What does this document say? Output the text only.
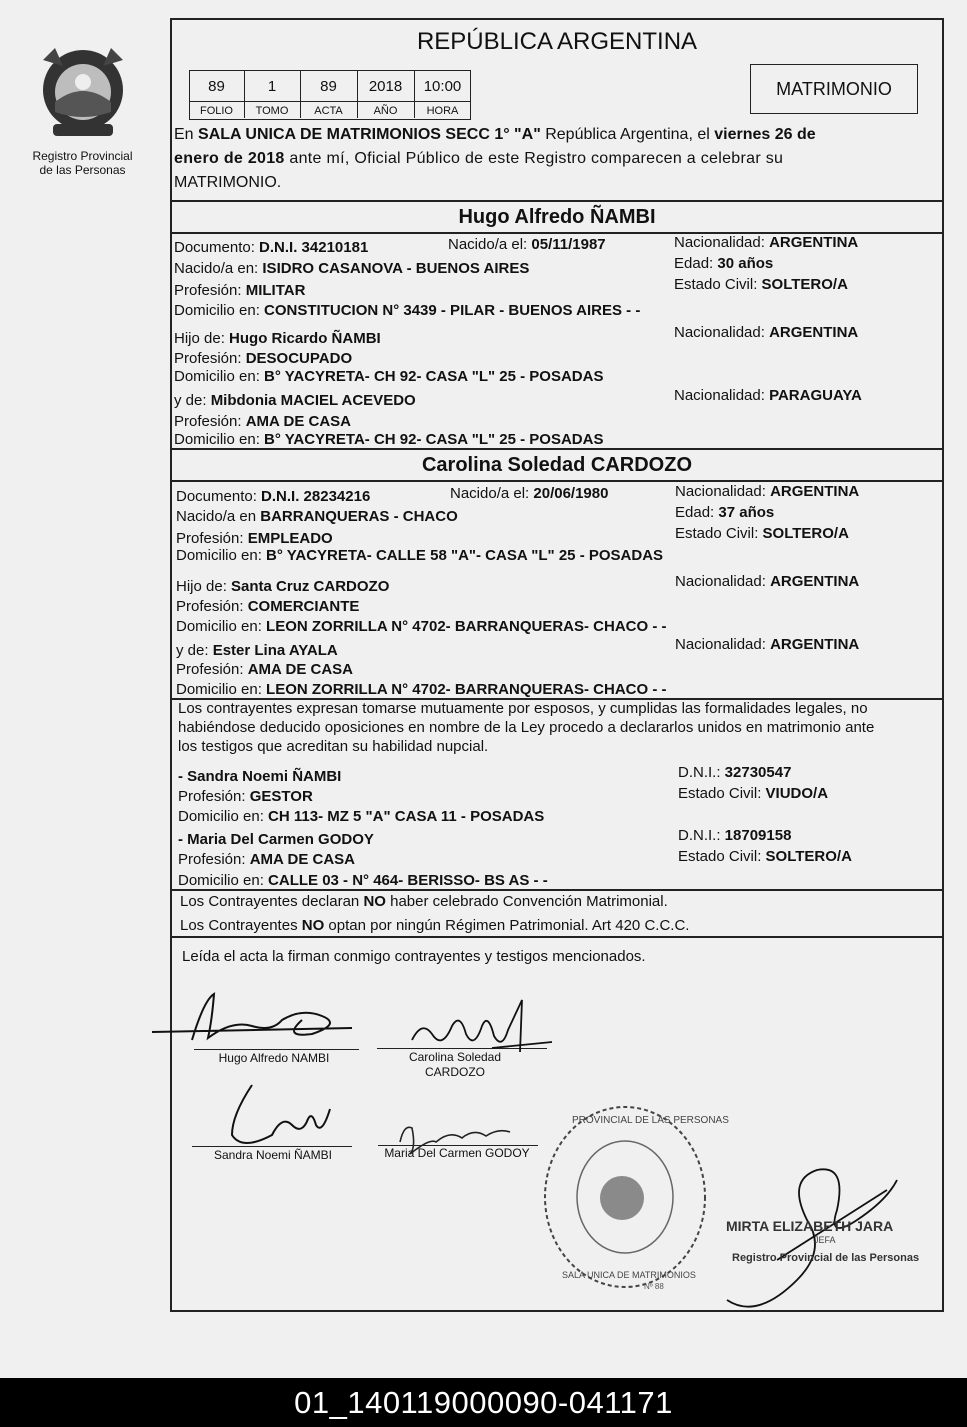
Registro Provincial
de las Personas
REPÚBLICA ARGENTINA
89	1	89	2018	10:00
FOLIO	TOMO	ACTA	AÑO	HORA
MATRIMONIO
En SALA UNICA DE MATRIMONIOS SECC 1° "A" República Argentina, el viernes 26 de
enero de 2018 ante mí, Oficial Público de este Registro comparecen a celebrar su
MATRIMONIO.
Hugo Alfredo ÑAMBI
Documento: D.N.I. 34210181	Nacido/a el: 05/11/1987	Nacionalidad: ARGENTINA
Nacido/a en: ISIDRO CASANOVA - BUENOS AIRES	Edad: 30 años
Profesión: MILITAR	Estado Civil: SOLTERO/A
Domicilio en: CONSTITUCION N° 3439 - PILAR - BUENOS AIRES - -
Hijo de: Hugo Ricardo ÑAMBI	Nacionalidad: ARGENTINA
Profesión: DESOCUPADO
Domicilio en: B° YACYRETA- CH 92- CASA "L" 25 - POSADAS
y de: Mibdonia MACIEL ACEVEDO	Nacionalidad: PARAGUAYA
Profesión: AMA DE CASA
Domicilio en: B° YACYRETA- CH 92- CASA "L" 25 - POSADAS
Carolina Soledad CARDOZO
Documento: D.N.I. 28234216	Nacido/a el: 20/06/1980	Nacionalidad: ARGENTINA
Nacido/a en BARRANQUERAS - CHACO	Edad: 37 años
Profesión: EMPLEADO	Estado Civil: SOLTERO/A
Domicilio en: B° YACYRETA- CALLE 58 "A"- CASA "L" 25 - POSADAS
Hijo de: Santa Cruz CARDOZO	Nacionalidad: ARGENTINA
Profesión: COMERCIANTE
Domicilio en: LEON ZORRILLA N° 4702- BARRANQUERAS- CHACO - -
y de: Ester Lina AYALA	Nacionalidad: ARGENTINA
Profesión: AMA DE CASA
Domicilio en: LEON ZORRILLA N° 4702- BARRANQUERAS- CHACO - -
Los contrayentes expresan tomarse mutuamente por esposos, y cumplidas las formalidades legales, no
habiéndose deducido oposiciones en nombre de la Ley procedo a declararlos unidos en matrimonio ante
los testigos que acreditan su habilidad nupcial.
- Sandra Noemi ÑAMBI	D.N.I.: 32730547
Profesión: GESTOR	Estado Civil: VIUDO/A
Domicilio en: CH 113- MZ 5 "A" CASA 11 - POSADAS
- Maria Del Carmen GODOY	D.N.I.: 18709158
Profesión: AMA DE CASA	Estado Civil: SOLTERO/A
Domicilio en: CALLE 03 - N° 464- BERISSO- BS AS - -
Los Contrayentes declaran NO haber celebrado Convención Matrimonial.
Los Contrayentes NO optan por ningún Régimen Patrimonial. Art 420 C.C.C.
Leída el acta la firman conmigo contrayentes y testigos mencionados.
Hugo Alfredo NAMBI	Carolina Soledad
CARDOZO
Sandra Noemi ÑAMBI	Maria Del Carmen GODOY
PROVINCIAL DE LAS PERSONAS
SALA UNICA DE MATRIMONIOS
Nº 88
MIRTA ELIZABETH JARA
JEFA
Registro Provincial de las Personas
01_140119000090-041171
